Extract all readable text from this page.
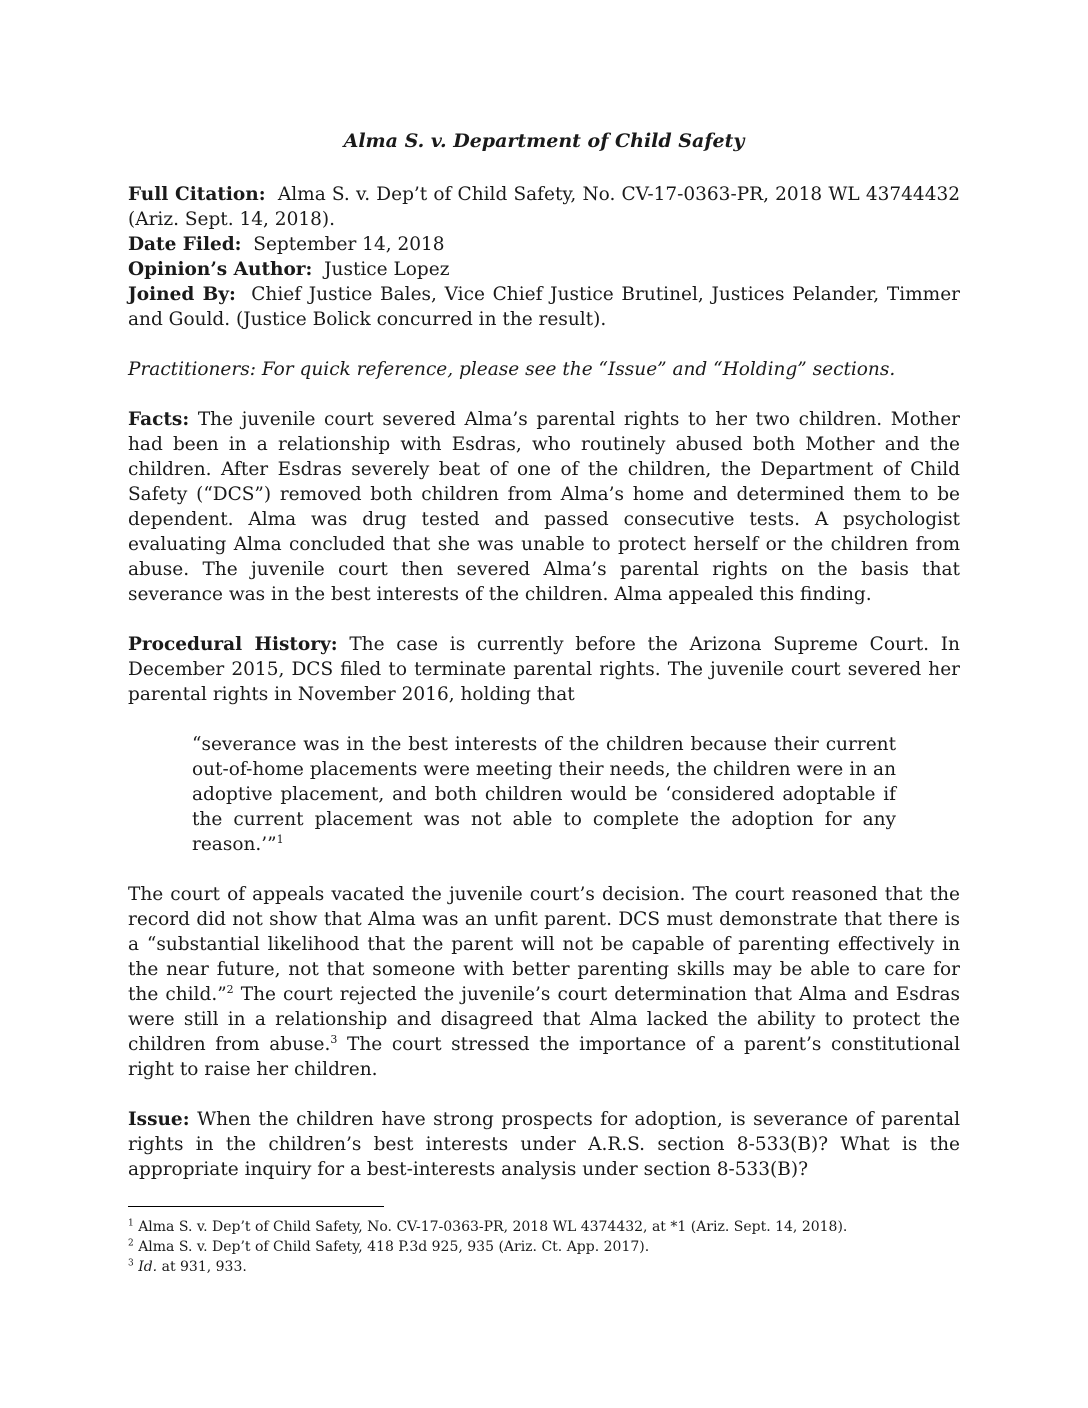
Alma S. v. Department of Child Safety

Full Citation: Alma S. v. Dep’t of Child Safety, No. CV-17-0363-PR, 2018 WL 43744432 (Ariz. Sept. 14, 2018).

Date Filed: September 14, 2018

Opinion’s Author: Justice Lopez

Joined By: Chief Justice Bales, Vice Chief Justice Brutinel, Justices Pelander, Timmer and Gould. (Justice Bolick concurred in the result).

Practitioners: For quick reference, please see the “Issue” and “Holding” sections.

Facts: The juvenile court severed Alma’s parental rights to her two children. Mother had been in a relationship with Esdras, who routinely abused both Mother and the children. After Esdras severely beat of one of the children, the Department of Child Safety (“DCS”) removed both children from Alma’s home and determined them to be dependent. Alma was drug tested and passed consecutive tests. A psychologist evaluating Alma concluded that she was unable to protect herself or the children from abuse. The juvenile court then severed Alma’s parental rights on the basis that severance was in the best interests of the children. Alma appealed this finding.

Procedural History: The case is currently before the Arizona Supreme Court. In December 2015, DCS filed to terminate parental rights. The juvenile court severed her parental rights in November 2016, holding that

“severance was in the best interests of the children because their current out-of-home placements were meeting their needs, the children were in an adoptive placement, and both children would be ‘considered adoptable if the current placement was not able to complete the adoption for any reason.’”$^1$

The court of appeals vacated the juvenile court’s decision. The court reasoned that the record did not show that Alma was an unfit parent. DCS must demonstrate that there is a “substantial likelihood that the parent will not be capable of parenting effectively in the near future, not that someone with better parenting skills may be able to care for the child.”$^2$ The court rejected the juvenile’s court determination that Alma and Esdras were still in a relationship and disagreed that Alma lacked the ability to protect the children from abuse.$^3$ The court stressed the importance of a parent’s constitutional right to raise her children.

Issue: When the children have strong prospects for adoption, is severance of parental rights in the children’s best interests under A.R.S. section 8-533(B)? What is the appropriate inquiry for a best-interests analysis under section 8-533(B)?

$^1$ Alma S. v. Dep’t of Child Safety, No. CV-17-0363-PR, 2018 WL 4374432, at *1 (Ariz. Sept. 14, 2018).

$^2$ Alma S. v. Dep’t of Child Safety, 418 P.3d 925, 935 (Ariz. Ct. App. 2017).

$^3$ Id. at 931, 933.
